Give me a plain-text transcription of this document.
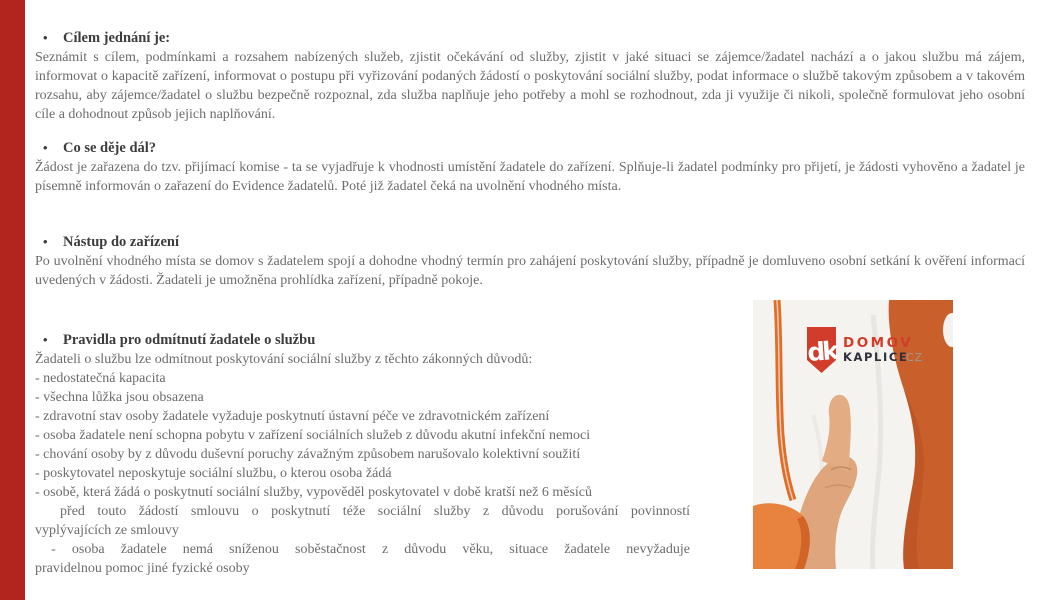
•	Cílem jednání je:

Seznámit s cílem, podmínkami a rozsahem nabízených služeb, zjistit očekávání od služby, zjistit v jaké situaci se zájemce/žadatel nachází a o jakou službu má zájem, informovat o kapacitě zařízení, informovat o postupu při vyřizování podaných žádostí o poskytování sociální služby, podat informace o službě takovým způsobem a v takovém rozsahu, aby zájemce/žadatel o službu bezpečně rozpoznal, zda služba naplňuje jeho potřeby a mohl se rozhodnout, zda ji využije či nikoli, společně formulovat jeho osobní cíle a dohodnout způsob jejich naplňování.

•	Co se děje dál?

Žádost je zařazena do tzv. přijímací komise - ta se vyjadřuje k vhodnosti umístění žadatele do zařízení. Splňuje-li žadatel podmínky pro přijetí, je žádosti vyhověno a žadatel je písemně informován o zařazení do Evidence žadatelů. Poté již žadatel čeká na uvolnění vhodného místa.

•	Nástup do zařízení

Po uvolnění vhodného místa se domov s žadatelem spojí a dohodne vhodný termín pro zahájení poskytování služby, případně je domluveno osobní setkání k ověření informací uvedených v žádosti. Žadateli je umožněna prohlídka zařízení, případně pokoje.

•	Pravidla pro odmítnutí žadatele o službu

Žadateli o službu lze odmítnout poskytování sociální služby z těchto zákonných důvodů:

- nedostatečná kapacita
- všechna lůžka jsou obsazena
- zdravotní stav osoby žadatele vyžaduje poskytnutí ústavní péče ve zdravotnickém zařízení
- osoba žadatele není schopna pobytu v zařízení sociálních služeb z důvodu akutní infekční nemoci
- chování osoby by z důvodu duševní poruchy závažným způsobem narušovalo kolektivní soužití
- poskytovatel neposkytuje sociální službu, o kterou osoba žádá
- osobě, která žádá o poskytnutí sociální služby, vypověděl poskytovatel v době kratší než 6 měsíců
před touto žádostí smlouvu o poskytnutí téže sociální služby z důvodu porušování povinností
vyplývajících ze smlouvy
- osoba žadatele nemá sníženou soběstačnost z důvodu věku, situace žadatele nevyžaduje
pravidelnou pomoc jiné fyzické osoby
dk DOMOV
KAPLICE
CZ
